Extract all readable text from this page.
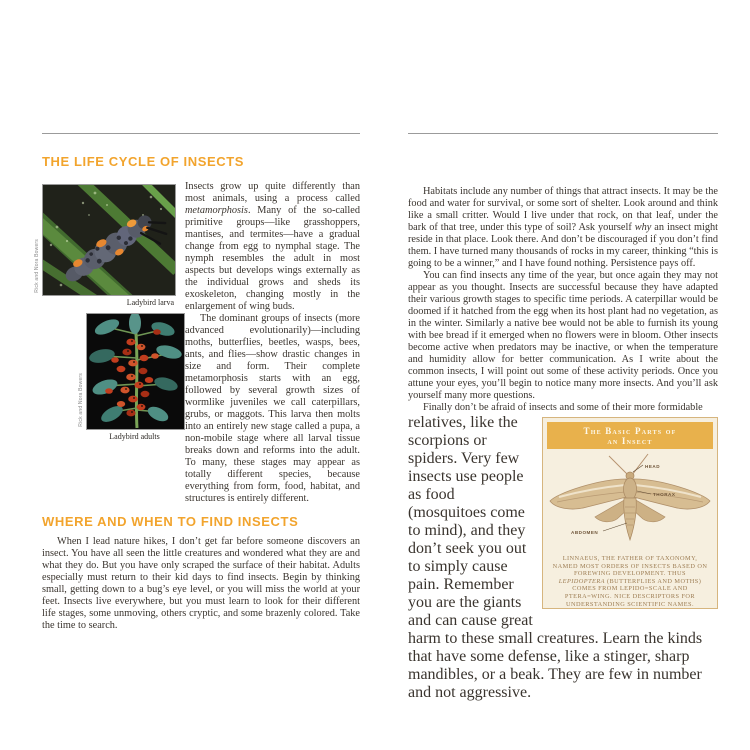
THE LIFE CYCLE OF INSECTS
Rick and Nora Bowers
Ladybird larva
Rick and Nora Bowers
Ladybird adults

Insects grow up quite differently than most animals, using a process called metamorphosis. Many of the so-called primitive groups—like grasshoppers, mantises, and termites—have a gradual change from egg to nymphal stage. The nymph resembles the adult in most aspects but develops wings externally as the individual grows and sheds its exoskeleton, changing mostly in the enlargement of wing buds.

The dominant groups of insects (more advanced evolutionarily)—including moths, butterflies, beetles, wasps, bees, ants, and flies—show drastic changes in size and form. Their complete metamorphosis starts with an egg, followed by several growth sizes of wormlike juveniles we call caterpillars, grubs, or maggots. This larva then molts into an entirely new stage called a pupa, a non-mobile stage where all larval tissue breaks down and reforms into the adult. To many, these stages may appear as totally different species, because everything from form, food, habitat, and structures is entirely different.

WHERE AND WHEN TO FIND INSECTS

When I lead nature hikes, I don’t get far before someone discovers an insect. You have all seen the little creatures and wondered what they are and what they do. But you have only scraped the surface of their habitat. Adults especially must return to their kid days to find insects. Begin by thinking small, getting down to a bug’s eye level, or you will miss the world at your feet. Insects live everywhere, but you must learn to look for their different life stages, some unmoving, others cryptic, and some brazenly colored. Take the time to search.

Habitats include any number of things that attract insects. It may be the food and water for survival, or some sort of shelter. Look around and think like a small critter. Would I live under that rock, on that leaf, under the bark of that tree, under this type of soil? Ask yourself why an insect might reside in that place. Look there. And don’t be discouraged if you don’t find them. I have turned many thousands of rocks in my career, thinking “this is going to be a winner,” and I have found nothing. Persistence pays off.

You can find insects any time of the year, but once again they may not appear as you thought. Insects are successful because they have adapted their various growth stages to specific time periods. A caterpillar would be doomed if it hatched from the egg when its host plant had no vegetation, as in the winter. Similarly a native bee would not be able to furnish its young with bee bread if it emerged when no flowers were in bloom. Other insects become active when predators may be inactive, or when the temperature and humidity allow for better communication. As I write about the common insects, I will point out some of these activity periods. Once you attune your eyes, you’ll begin to notice many more insects. And you’ll ask yourself many more questions.

Finally don’t be afraid of insects and some of their more formidable

The Basic Parts of
an Insect
HEAD
THORAX
ABDOMEN
LINNAEUS, THE FATHER OF TAXONOMY, NAMED MOST ORDERS OF INSECTS BASED ON FOREWING DEVELOPMENT. THUS LEPIDOPTERA (BUTTERFLIES AND MOTHS) COMES FROM LEPIDO=SCALE AND PTERA=WING. NICE DESCRIPTORS FOR UNDERSTANDING SCIENTIFIC NAMES.
relatives, like the scorpions or spiders. Very few insects use people as food (mosquitoes come to mind), and they don’t seek you out to simply cause pain. Remember you are the giants and can cause great harm to these small creatures. Learn the kinds that have some defense, like a stinger, sharp mandibles, or a beak. They are few in number and not aggressive.
